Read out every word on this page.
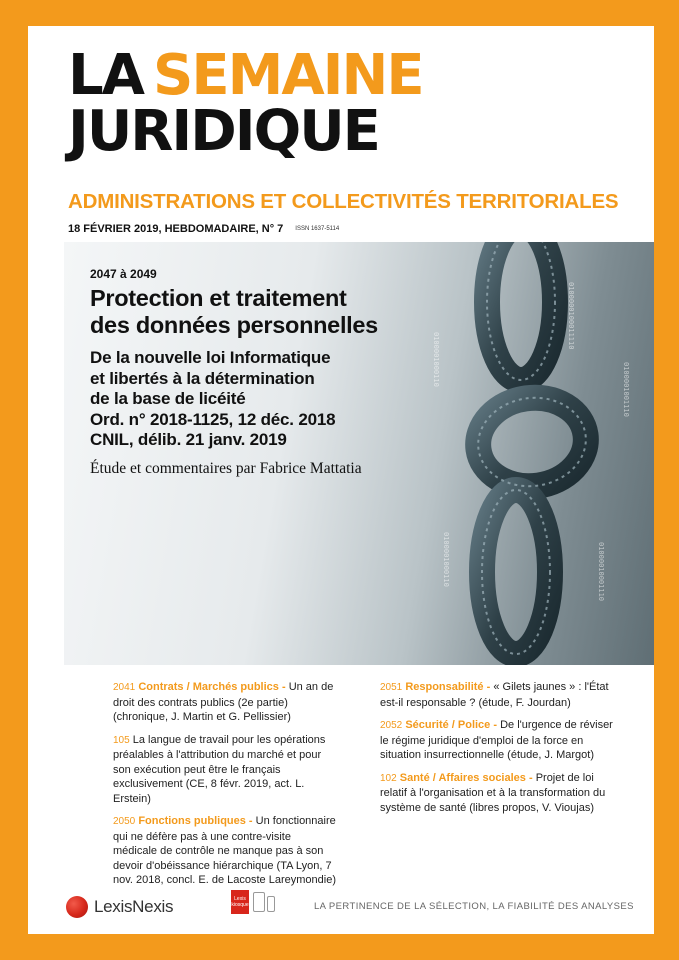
LA SEMAINE
JURIDIQUE
ADMINISTRATIONS ET COLLECTIVITÉS TERRITORIALES
18 FÉVRIER 2019, HEBDOMADAIRE, N° 7 ISSN 1637-5114
0100001000110
0100000100011110
0100001001110
01000010001110
0100001000110
2047 à 2049
Protection et traitement
des données personnelles
De la nouvelle loi Informatique
et libertés à la détermination
de la base de licéité
Ord. n° 2018-1125, 12 déc. 2018
CNIL, délib. 21 janv. 2019
Étude et commentaires par Fabrice Mattatia
2041 Contrats / Marchés publics - Un an de droit des contrats publics (2e partie) (chronique, J. Martin et G. Pellissier)
105 La langue de travail pour les opérations préalables à l'attribution du marché et pour son exécution peut être le français exclusivement (CE, 8 févr. 2019, act. L. Erstein)
2050 Fonctions publiques - Un fonctionnaire qui ne défère pas à une contre-visite médicale de contrôle ne manque pas à son devoir d'obéissance hiérarchique (TA Lyon, 7 nov. 2018, concl. E. de Lacoste Lareymondie)
2051 Responsabilité - « Gilets jaunes » : l'État est-il responsable ? (étude, F. Jourdan)
2052 Sécurité / Police - De l'urgence de réviser le régime juridique d'emploi de la force en situation insurrectionnelle (étude, J. Margot)
102 Santé / Affaires sociales - Projet de loi relatif à l'organisation et à la transformation du système de santé (libres propos, V. Vioujas)
LexisNexis	Lexis kiosque	LA PERTINENCE DE LA SÉLECTION, LA FIABILITÉ DES ANALYSES
